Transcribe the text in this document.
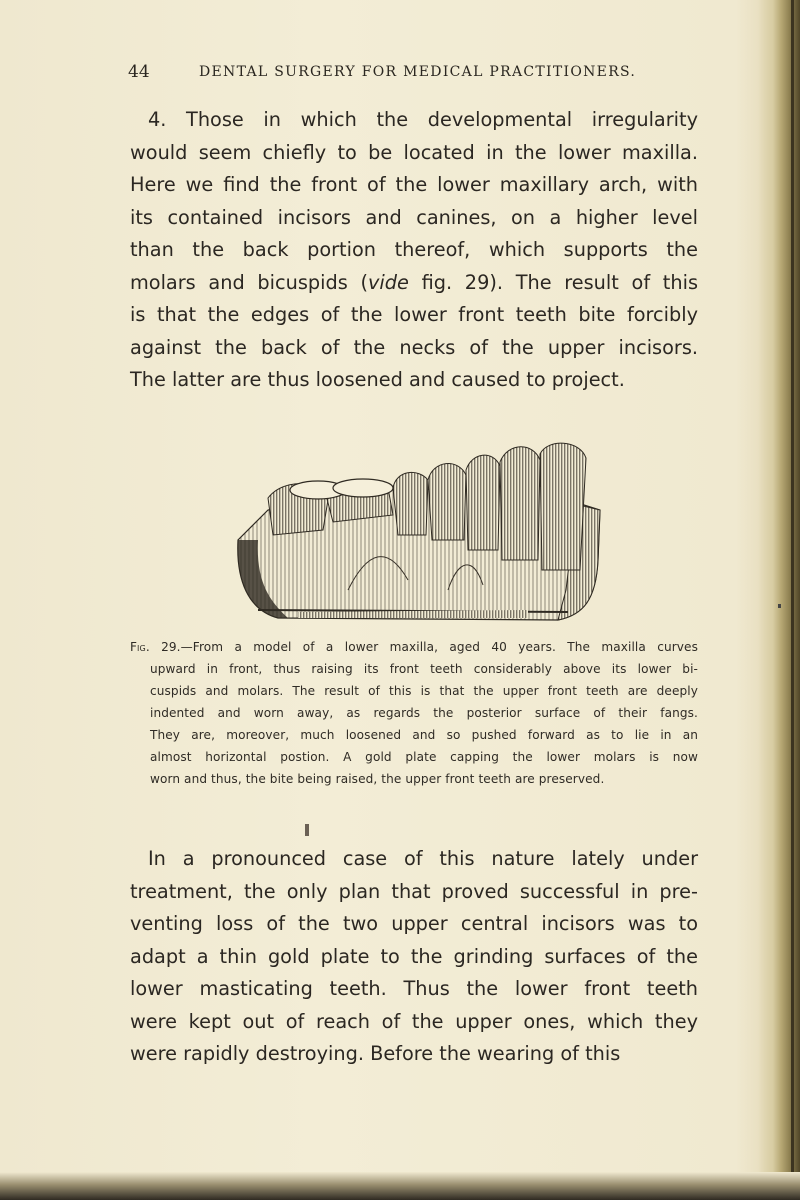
44	DENTAL SURGERY FOR MEDICAL PRACTITIONERS.
4. Those in which the developmental irregularity
would seem chiefly to be located in the lower maxilla.
Here we find the front of the lower maxillary arch, with
its contained incisors and canines, on a higher level
than the back portion thereof, which supports the
molars and bicuspids (vide fig. 29). The result of this
is that the edges of the lower front teeth bite forcibly
against the back of the necks of the upper incisors.
The latter are thus loosened and caused to project.
Fig. 29.—From a model of a lower maxilla, aged 40 years. The maxilla curves
upward in front, thus raising its front teeth considerably above its lower bi-
cuspids and molars. The result of this is that the upper front teeth are deeply
indented and worn away, as regards the posterior surface of their fangs.
They are, moreover, much loosened and so pushed forward as to lie in an
almost horizontal postion. A gold plate capping the lower molars is now
worn and thus, the bite being raised, the upper front teeth are preserved.
In a pronounced case of this nature lately under
treatment, the only plan that proved successful in pre-
venting loss of the two upper central incisors was to
adapt a thin gold plate to the grinding surfaces of the
lower masticating teeth. Thus the lower front teeth
were kept out of reach of the upper ones, which they
were rapidly destroying. Before the wearing of this
